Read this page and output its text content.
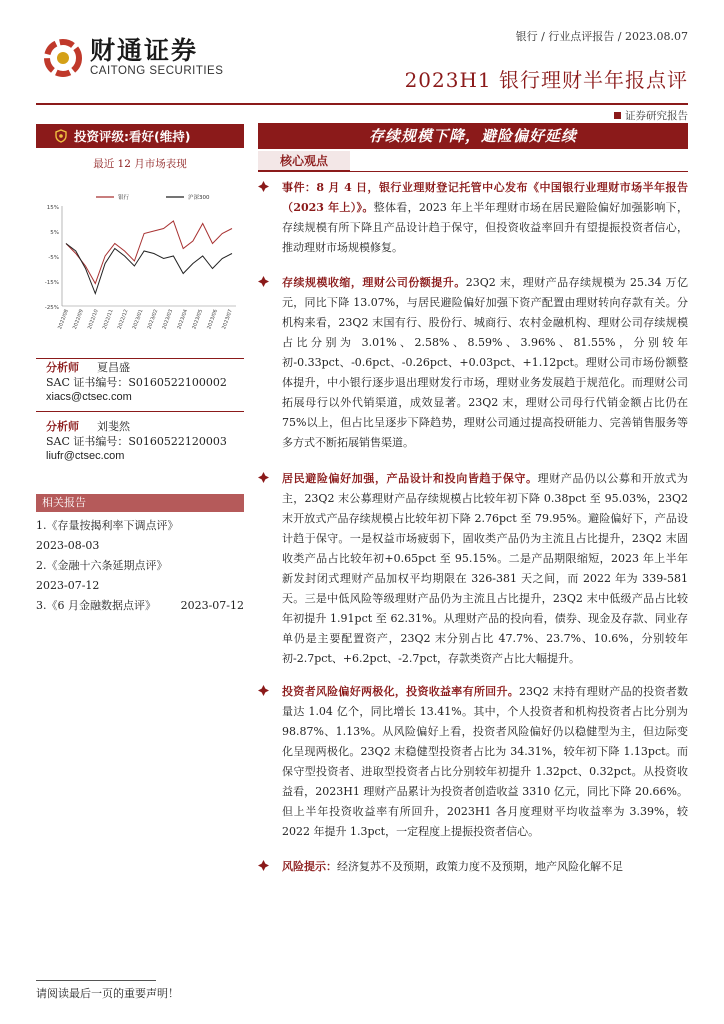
财通证券
CAITONG SECURITIES
银行 / 行业点评报告 / 2023.08.07
2023H1 银行理财半年报点评
证券研究报告
投资评级:看好(维持)
最近 12 月市场表现
15%
5%
-5%
-15%
-25%
2022/08 2022/09 2022/10 2022/11 2022/12 2023/01 2023/02 2023/03 2023/04 2023/05 2023/06 2023/07
银行	沪深300
分析师 夏昌盛
SAC 证书编号：S0160522100002
xiacs@ctsec.com
分析师 刘斐然
SAC 证书编号：S0160522120003
liufr@ctsec.com
相关报告
1.《存量按揭利率下调点评》
2023-08-03
2.《金融十六条延期点评》
2023-07-12
3.《6 月金融数据点评》 2023-07-12
存续规模下降，避险偏好延续
核心观点
事件：8 月 4 日，银行业理财登记托管中心发布《中国银行业理财市场半年报告（2023 年上）》。整体看，2023 年上半年理财市场在居民避险偏好加强影响下，存续规模有所下降且产品设计趋于保守，但投资收益率回升有望提振投资者信心，推动理财市场规模修复。
存续规模收缩，理财公司份额提升。23Q2 末，理财产品存续规模为 25.34 万亿元，同比下降 13.07%，与居民避险偏好加强下资产配置由理财转向存款有关。分机构来看，23Q2 末国有行、股份行、城商行、农村金融机构、理财公司存续规模占比分别为 3.01%、2.58%、8.59%、3.96%、81.55%，分别较年初-0.33pct、-0.6pct、-0.26pct、+0.03pct、+1.12pct。理财公司市场份额整体提升，中小银行逐步退出理财发行市场，理财业务发展趋于规范化。而理财公司拓展母行以外代销渠道，成效显著。23Q2 末，理财公司母行代销金额占比仍在 75%以上，但占比呈逐步下降趋势，理财公司通过提高投研能力、完善销售服务等多方式不断拓展销售渠道。
居民避险偏好加强，产品设计和投向皆趋于保守。理财产品仍以公募和开放式为主，23Q2 末公募理财产品存续规模占比较年初下降 0.38pct 至 95.03%，23Q2 末开放式产品存续规模占比较年初下降 2.76pct 至 79.95%。避险偏好下，产品设计趋于保守。一是权益市场疲弱下，固收类产品仍为主流且占比提升，23Q2 末固收类产品占比较年初+0.65pct 至 95.15%。二是产品期限缩短，2023 年上半年新发封闭式理财产品加权平均期限在 326-381 天之间，而 2022 年为 339-581 天。三是中低风险等级理财产品仍为主流且占比提升，23Q2 末中低级产品占比较年初提升 1.91pct 至 62.31%。从理财产品的投向看，债券、现金及存款、同业存单仍是主要配置资产，23Q2 末分别占比 47.7%、23.7%、10.6%，分别较年初-2.7pct、+6.2pct、-2.7pct，存款类资产占比大幅提升。
投资者风险偏好两极化，投资收益率有所回升。23Q2 末持有理财产品的投资者数量达 1.04 亿个，同比增长 13.41%。其中，个人投资者和机构投资者占比分别为 98.87%、1.13%。从风险偏好上看，投资者风险偏好仍以稳健型为主，但边际变化呈现两极化。23Q2 末稳健型投资者占比为 34.31%，较年初下降 1.13pct。而保守型投资者、进取型投资者占比分别较年初提升 1.32pct、0.32pct。从投资收益看，2023H1 理财产品累计为投资者创造收益 3310 亿元，同比下降 20.66%。但上半年投资收益率有所回升，2023H1 各月度理财平均收益率为 3.39%，较 2022 年提升 1.3pct，一定程度上提振投资者信心。
风险提示：经济复苏不及预期，政策力度不及预期，地产风险化解不足
请阅读最后一页的重要声明！
